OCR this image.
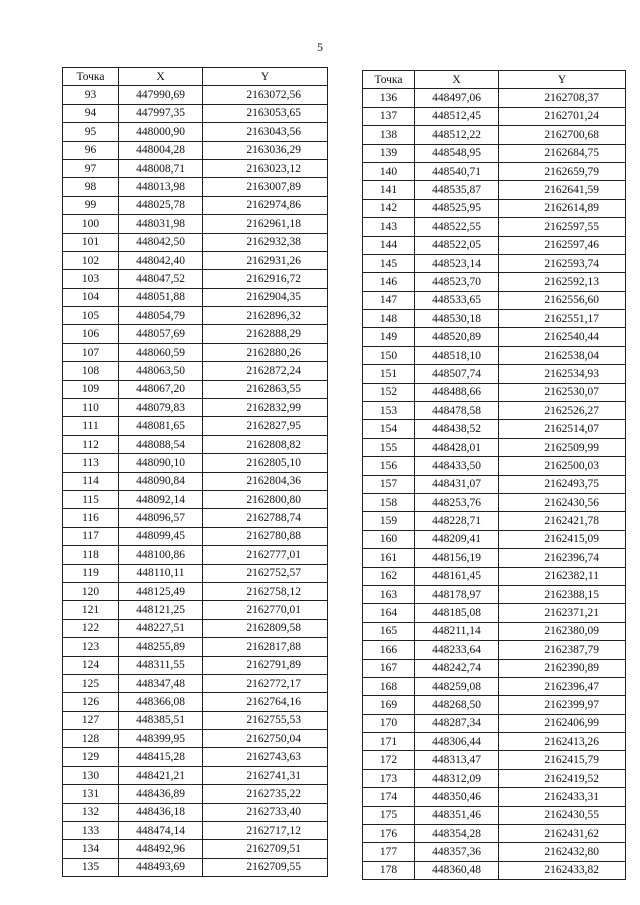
5
Точка	X	Y
93	447990,69	2163072,56
94	447997,35	2163053,65
95	448000,90	2163043,56
96	448004,28	2163036,29
97	448008,71	2163023,12
98	448013,98	2163007,89
99	448025,78	2162974,86
100	448031,98	2162961,18
101	448042,50	2162932,38
102	448042,40	2162931,26
103	448047,52	2162916,72
104	448051,88	2162904,35
105	448054,79	2162896,32
106	448057,69	2162888,29
107	448060,59	2162880,26
108	448063,50	2162872,24
109	448067,20	2162863,55
110	448079,83	2162832,99
111	448081,65	2162827,95
112	448088,54	2162808,82
113	448090,10	2162805,10
114	448090,84	2162804,36
115	448092,14	2162800,80
116	448096,57	2162788,74
117	448099,45	2162780,88
118	448100,86	2162777,01
119	448110,11	2162752,57
120	448125,49	2162758,12
121	448121,25	2162770,01
122	448227,51	2162809,58
123	448255,89	2162817,88
124	448311,55	2162791,89
125	448347,48	2162772,17
126	448366,08	2162764,16
127	448385,51	2162755,53
128	448399,95	2162750,04
129	448415,28	2162743,63
130	448421,21	2162741,31
131	448436,89	2162735,22
132	448436,18	2162733,40
133	448474,14	2162717,12
134	448492,96	2162709,51
135	448493,69	2162709,55
Точка	X	Y
136	448497,06	2162708,37
137	448512,45	2162701,24
138	448512,22	2162700,68
139	448548,95	2162684,75
140	448540,71	2162659,79
141	448535,87	2162641,59
142	448525,95	2162614,89
143	448522,55	2162597,55
144	448522,05	2162597,46
145	448523,14	2162593,74
146	448523,70	2162592,13
147	448533,65	2162556,60
148	448530,18	2162551,17
149	448520,89	2162540,44
150	448518,10	2162538,04
151	448507,74	2162534,93
152	448488,66	2162530,07
153	448478,58	2162526,27
154	448438,52	2162514,07
155	448428,01	2162509,99
156	448433,50	2162500,03
157	448431,07	2162493,75
158	448253,76	2162430,56
159	448228,71	2162421,78
160	448209,41	2162415,09
161	448156,19	2162396,74
162	448161,45	2162382,11
163	448178,97	2162388,15
164	448185,08	2162371,21
165	448211,14	2162380,09
166	448233,64	2162387,79
167	448242,74	2162390,89
168	448259,08	2162396,47
169	448268,50	2162399,97
170	448287,34	2162406,99
171	448306,44	2162413,26
172	448313,47	2162415,79
173	448312,09	2162419,52
174	448350,46	2162433,31
175	448351,46	2162430,55
176	448354,28	2162431,62
177	448357,36	2162432,80
178	448360,48	2162433,82
